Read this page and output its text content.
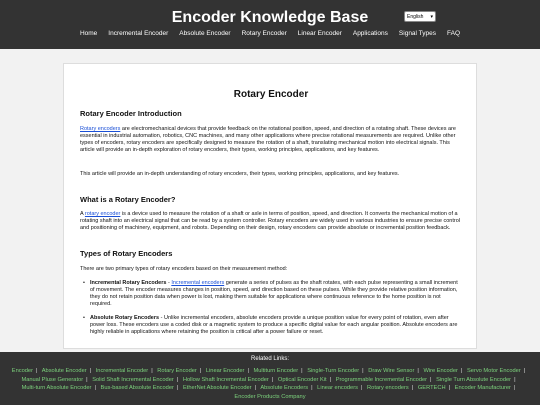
Encoder Knowledge Base	English ▾
Home Incremental Encoder Absolute Encoder Rotary Encoder Linear Encoder Applications Signal Types FAQ
Rotary Encoder
Rotary Encoder Introduction

Rotary encoders are electromechanical devices that provide feedback on the rotational position, speed, and direction of a rotating shaft. These devices are essential in industrial automation, robotics, CNC machines, and many other applications where precise rotational measurements are required. Unlike other types of encoders, rotary encoders are specifically designed to measure the rotation of a shaft, translating mechanical motion into electrical signals. This article will provide an in-depth exploration of rotary encoders, their types, working principles, applications, and key features.

This article will provide an in-depth understanding of rotary encoders, their types, working principles, applications, and key features.

What is a Rotary Encoder?

A rotary encoder is a device used to measure the rotation of a shaft or axle in terms of position, speed, and direction. It converts the mechanical motion of a rotating shaft into an electrical signal that can be read by a system controller. Rotary encoders are widely used in various industries to ensure precise control and positioning of machinery, equipment, and robots. Depending on their design, rotary encoders can provide absolute or incremental position feedback.

Types of Rotary Encoders

There are two primary types of rotary encoders based on their measurement method:

• Incremental Rotary Encoders - Incremental encoders generate a series of pulses as the shaft rotates, with each pulse representing a small increment of movement. The encoder measures changes in position, speed, and direction based on these pulses. While they provide relative position information, they do not retain position data when power is lost, making them suitable for applications where continuous reference to the home position is not required.
• Absolute Rotary Encoders - Unlike incremental encoders, absolute encoders provide a unique position value for every point of rotation, even after power loss. These encoders use a coded disk or a magnetic system to produce a specific digital value for each angular position. Absolute encoders are highly reliable in applications where retaining the position is critical after a power failure or reset.
Related Links:
Encoder | Absolute Encoder | Incremental Encoder | Rotary Encoder | Linear Encoder | Multiturn Encoder | Single-Turn Encoder | Draw Wire Sensor | Wire Encoder | Servo Motor Encoder | Manual Pluse Generator | Solid Shaft Incremental Encoder | Hollow Shaft Incremental Encoder | Optical Encoder Kit | Programmable Incremental Encoder | Single Turn Absolute Encoder | Multi-turn Absolute Encoder | Bus-based Absolute Encoder | EtherNet Absolute Encoder | Absolute Encoders | Linear encoders | Rotary encoders | GERTECH | Encoder Manufacturer | Encoder Products Company
